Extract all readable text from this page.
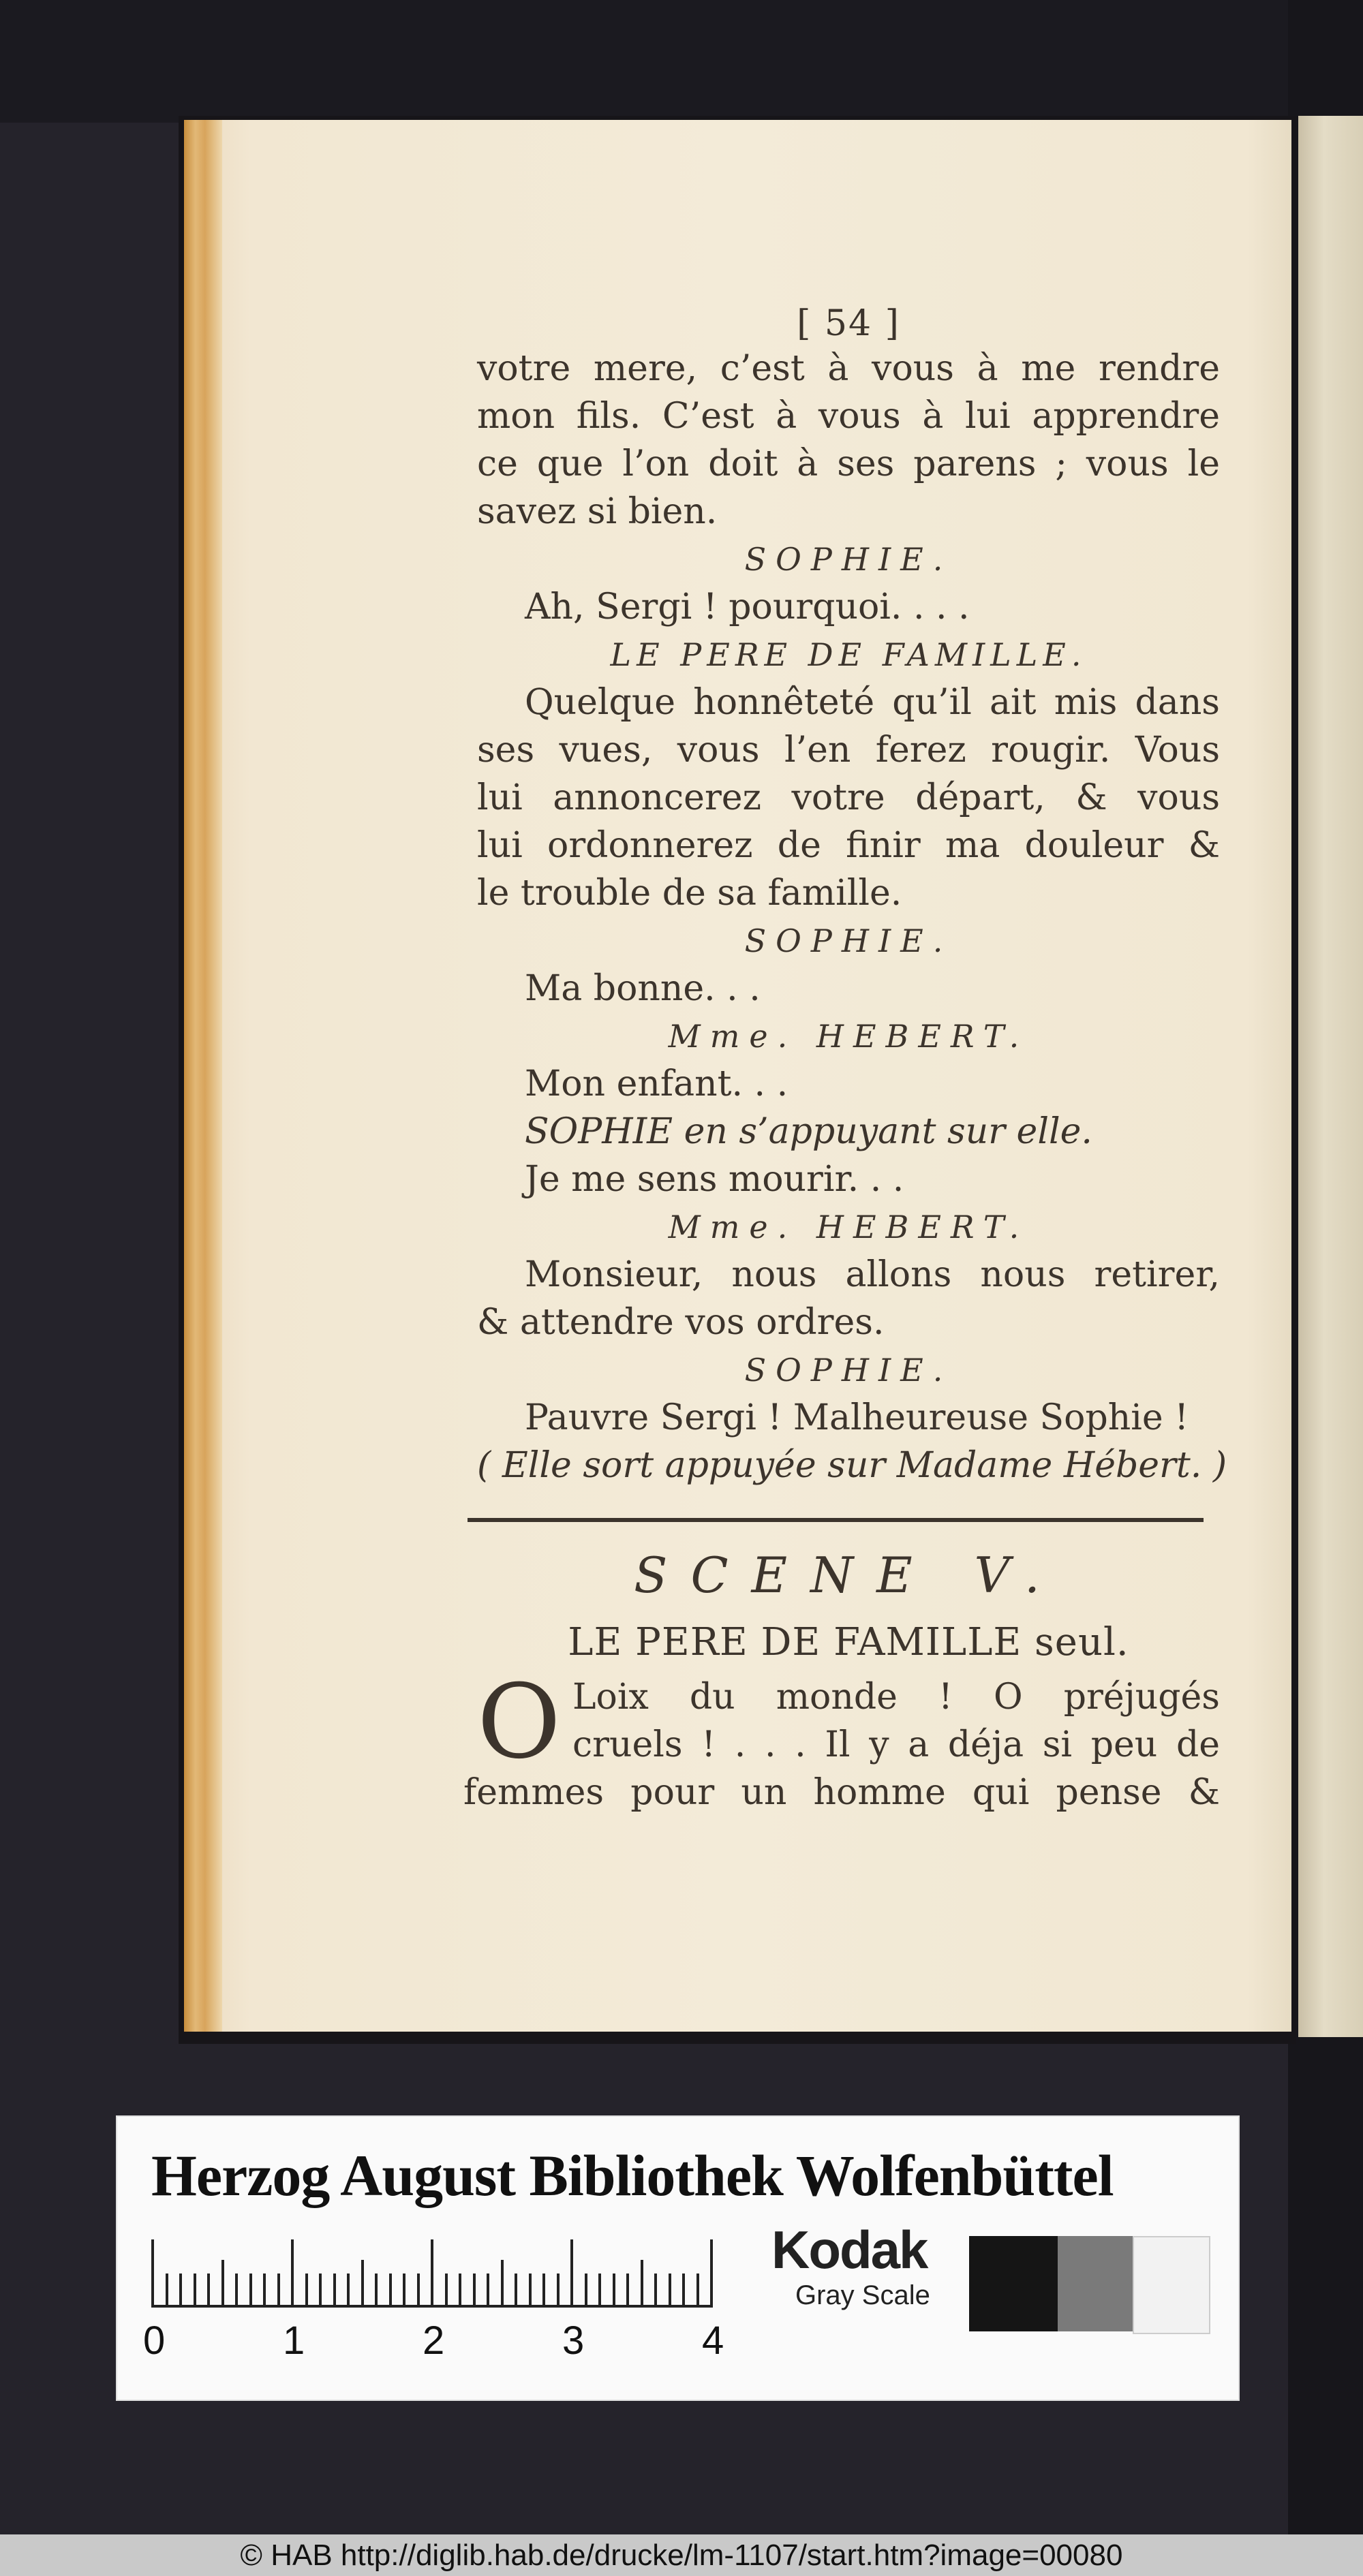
[ 54 ]
votre mere, c’est à vous à me rendre
mon fils. C’est à vous à lui apprendre
ce que l’on doit à ses parens ; vous le
savez si bien.
SOPHIE.
Ah, Sergi ! pourquoi. . . .
LE PERE DE FAMILLE.
Quelque honnêteté qu’il ait mis dans
ses vues, vous l’en ferez rougir. Vous
lui annoncerez votre départ, & vous
lui ordonnerez de finir ma douleur &
le trouble de sa famille.
SOPHIE.
Ma bonne. . .
Mme. HEBERT.
Mon enfant. . .
SOPHIE en s’appuyant sur elle.
Je me sens mourir. . .
Mme. HEBERT.
Monsieur, nous allons nous retirer,
& attendre vos ordres.
SOPHIE.
Pauvre Sergi ! Malheureuse Sophie !
( Elle sort appuyée sur Madame Hébert. )
SCENE V.
LE PERE DE FAMILLE seul.
O Loix du monde ! O préjugés
cruels ! . . . Il y a déja si peu de
femmes pour un homme qui pense &
Herzog August Bibliothek Wolfenbüttel
0	1	2	3	4
Kodak
Gray Scale
© HAB http://diglib.hab.de/drucke/lm-1107/start.htm?image=00080
